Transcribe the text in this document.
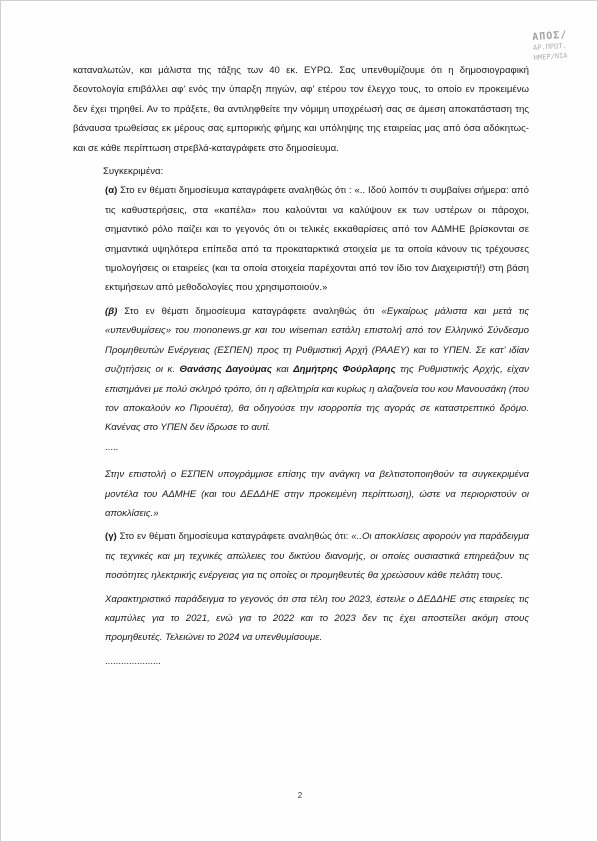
ΑΠΟΣ/
ΑΡ.ΠΡΩΤ.
ΗΜΕΡ/ΝΙΑ

καταναλωτών, και μάλιστα της τάξης των 40 εκ. ΕΥΡΩ. Σας υπενθυμίζουμε ότι η δημοσιογραφική δεοντολογία επιβάλλει αφ’ ενός την ύπαρξη πηγών, αφ’ ετέρου τον έλεγχο τους, το οποίο εν προκειμένω δεν έχει τηρηθεί. Αν το πράξετε, θα αντιληφθείτε την νόμιμη υποχρέωσή σας σε άμεση αποκατάσταση της βάναυσα τρωθείσας εκ μέρους σας εμπορικής φήμης και υπόληψης της εταιρείας μας από όσα αδόκητως-και σε κάθε περίπτωση στρεβλά-καταγράφετε στο δημοσίευμα.

Συγκεκριμένα:

(α) Στο εν θέματι δημοσίευμα καταγράφετε αναληθώς ότι : «.. Ιδού λοιπόν τι συμβαίνει σήμερα: από τις καθυστερήσεις, στα «καπέλα» που καλούνται να καλύψουν εκ των υστέρων οι πάροχοι, σημαντικό ρόλο παίζει και το γεγονός ότι οι τελικές εκκαθαρίσεις από τον ΑΔΜΗΕ βρίσκονται σε σημαντικά υψηλότερα επίπεδα από τα προκαταρκτικά στοιχεία με τα οποία κάνουν τις τρέχουσες τιμολογήσεις οι εταιρείες (και τα οποία στοιχεία παρέχονται από τον ίδιο τον Διαχειριστή!) στη βάση εκτιμήσεων από μεθοδολογίες που χρησιμοποιούν.»

(β) Στο εν θέματι δημοσίευμα καταγράφετε αναληθώς ότι «Εγκαίρως μάλιστα και μετά τις «υπενθυμίσεις» του mononews.gr και του wiseman εστάλη επιστολή από τον Ελληνικό Σύνδεσμο Προμηθευτών Ενέργειας (ΕΣΠΕΝ) προς τη Ρυθμιστική Αρχή (ΡΑΑΕΥ) και το ΥΠΕΝ. Σε κατ’ ιδίαν συζητήσεις οι κ. Θανάσης Δαγούμας και Δημήτρης Φούρλαρης της Ρυθμιστικής Αρχής, είχαν επισημάνει με πολύ σκληρό τρόπο, ότι η αβελτηρία και κυρίως η αλαζονεία του κου Μανουσάκη (που τον αποκαλούν κο Πιρουέτα), θα οδηγούσε την ισορροπία της αγοράς σε καταστρεπτικό δρόμο. Κανένας στο ΥΠΕΝ δεν ίδρωσε το αυτί.

.....

Στην επιστολή ο ΕΣΠΕΝ υπογράμμισε επίσης την ανάγκη να βελτιστοποιηθούν τα συγκεκριμένα μοντέλα του ΑΔΜΗΕ (και του ΔΕΔΔΗΕ στην προκειμένη περίπτωση), ώστε να περιοριστούν οι αποκλίσεις.»

(γ) Στο εν θέματι δημοσίευμα καταγράφετε αναληθώς ότι: «..Οι αποκλίσεις αφορούν για παράδειγμα τις τεχνικές και μη τεχνικές απώλειες του δικτύου διανομής, οι οποίες ουσιαστικά επηρεάζουν τις ποσότητες ηλεκτρικής ενέργειας για τις οποίες οι προμηθευτές θα χρεώσουν κάθε πελάτη τους.

Χαρακτηριστικό παράδειγμα το γεγονός ότι στα τέλη του 2023, έστειλε ο ΔΕΔΔΗΕ στις εταιρείες τις καμπύλες για το 2021, ενώ για το 2022 και το 2023 δεν τις έχει αποστείλει ακόμη στους προμηθευτές. Τελειώνει το 2024 να υπενθυμίσουμε.

.....................

2
